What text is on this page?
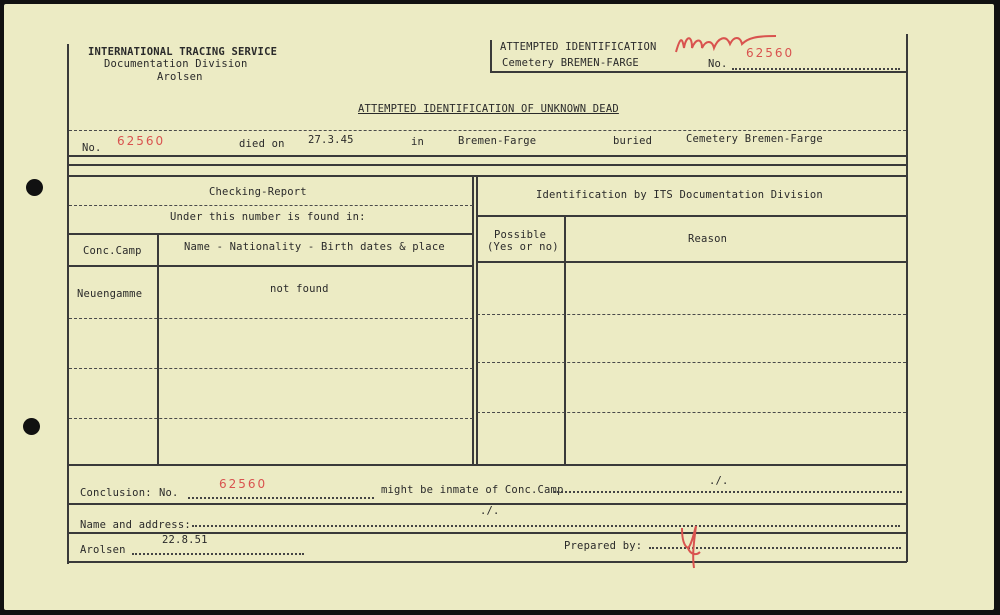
INTERNATIONAL TRACING SERVICE
Documentation Division
Arolsen
ATTEMPTED IDENTIFICATION
Cemetery BREMEN-FARGE	No.
62560
ATTEMPTED IDENTIFICATION OF UNKNOWN DEAD
No. 62560	died on 27.3.45	in	Bremen-Farge	buried	Cemetery Bremen-Farge
Checking-Report
Under this number is found in:
Conc.Camp	Name - Nationality - Birth dates & place
Neuengamme	not found
Identification by ITS Documentation Division
Possible
(Yes or no)
Reason
Conclusion: No.
62560	might be inmate of Conc.Camp
./.
./.
Name and address:
Arolsen
22.8.51	Prepared by:
